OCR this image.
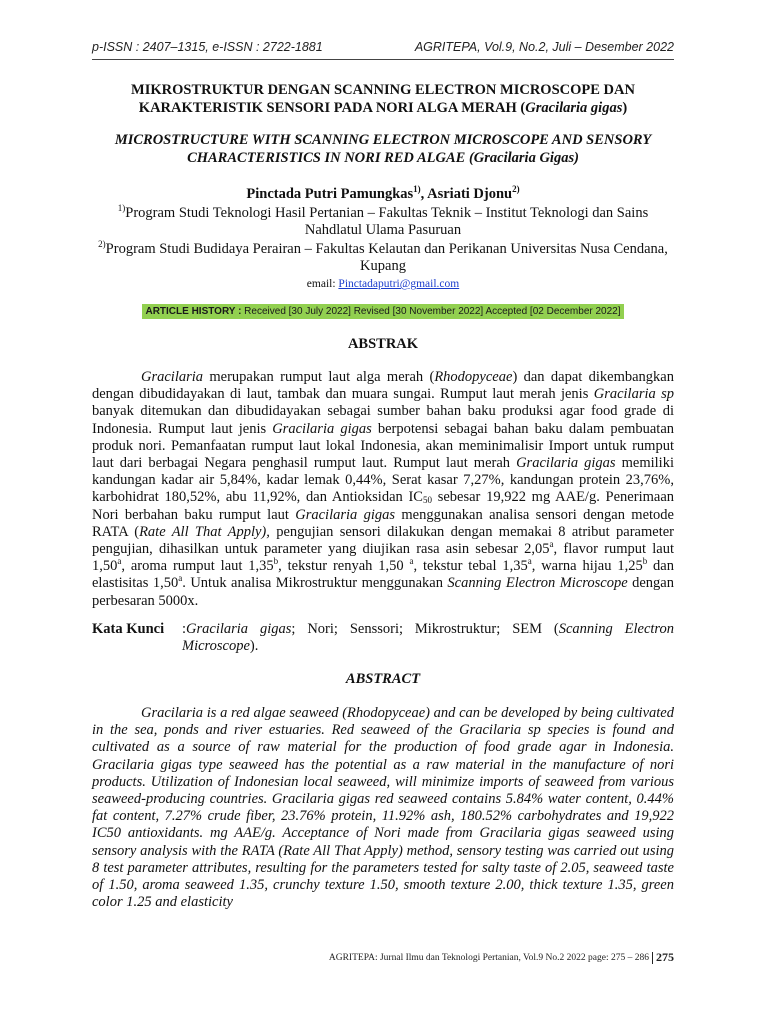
p-ISSN : 2407–1315, e-ISSN : 2722-1881	AGRITEPA, Vol.9, No.2, Juli – Desember 2022

MIKROSTRUKTUR DENGAN SCANNING ELECTRON MICROSCOPE DAN KARAKTERISTIK SENSORI PADA NORI ALGA MERAH (Gracilaria gigas)

MICROSTRUCTURE WITH SCANNING ELECTRON MICROSCOPE AND SENSORY CHARACTERISTICS IN NORI RED ALGAE (Gracilaria Gigas)

Pinctada Putri Pamungkas$^{1)}$, Asriati Djonu$^{2)}$

$^{1)}$Program Studi Teknologi Hasil Pertanian – Fakultas Teknik – Institut Teknologi dan Sains Nahdlatul Ulama Pasuruan

$^{2)}$Program Studi Budidaya Perairan – Fakultas Kelautan dan Perikanan Universitas Nusa Cendana, Kupang

email: Pinctadaputri@gmail.com

ARTICLE HISTORY : Received [30 July 2022] Revised [30 November 2022] Accepted [02 December 2022]
ABSTRAK

Gracilaria merupakan rumput laut alga merah (Rhodopyceae) dan dapat dikembangkan dengan dibudidayakan di laut, tambak dan muara sungai. Rumput laut merah jenis Gracilaria sp banyak ditemukan dan dibudidayakan sebagai sumber bahan baku produksi agar food grade di Indonesia. Rumput laut jenis Gracilaria gigas berpotensi sebagai bahan baku dalam pembuatan produk nori. Pemanfaatan rumput laut lokal Indonesia, akan meminimalisir Import untuk rumput laut dari berbagai Negara penghasil rumput laut. Rumput laut merah Gracilaria gigas memiliki kandungan kadar air 5,84%, kadar lemak 0,44%, Serat kasar 7,27%, kandungan protein 23,76%, karbohidrat 180,52%, abu 11,92%, dan Antioksidan $IC_{50}$ sebesar 19,922 mg AAE/g. Penerimaan Nori berbahan baku rumput laut Gracilaria gigas menggunakan analisa sensori dengan metode RATA (Rate All That Apply), pengujian sensori dilakukan dengan memakai 8 atribut parameter pengujian, dihasilkan untuk parameter yang diujikan rasa asin sebesar 2,05$^a$, flavor rumput laut 1,50$^a$, aroma rumput laut 1,35$^b$, tekstur renyah 1,50 $^a$, tekstur tebal 1,35$^a$, warna hijau 1,25$^b$ dan elastisitas 1,50$^a$. Untuk analisa Mikrostruktur menggunakan Scanning Electron Microscope dengan perbesaran 5000x.

Kata Kunci	:Gracilaria gigas; Nori; Senssori; Mikrostruktur; SEM (Scanning Electron Microscope).
ABSTRACT

Gracilaria is a red algae seaweed (Rhodopyceae) and can be developed by being cultivated in the sea, ponds and river estuaries. Red seaweed of the Gracilaria sp species is found and cultivated as a source of raw material for the production of food grade agar in Indonesia. Gracilaria gigas type seaweed has the potential as a raw material in the manufacture of nori products. Utilization of Indonesian local seaweed, will minimize imports of seaweed from various seaweed-producing countries. Gracilaria gigas red seaweed contains 5.84% water content, 0.44% fat content, 7.27% crude fiber, 23.76% protein, 11.92% ash, 180.52% carbohydrates and 19,922 IC50 antioxidants. mg AAE/g. Acceptance of Nori made from Gracilaria gigas seaweed using sensory analysis with the RATA (Rate All That Apply) method, sensory testing was carried out using 8 test parameter attributes, resulting for the parameters tested for salty taste of 2.05, seaweed taste of 1.50, aroma seaweed 1.35, crunchy texture 1.50, smooth texture 2.00, thick texture 1.35, green color 1.25 and elasticity

AGRITEPA: Jurnal Ilmu dan Teknologi Pertanian, Vol.9 No.2 2022 page: 275 – 286 275
